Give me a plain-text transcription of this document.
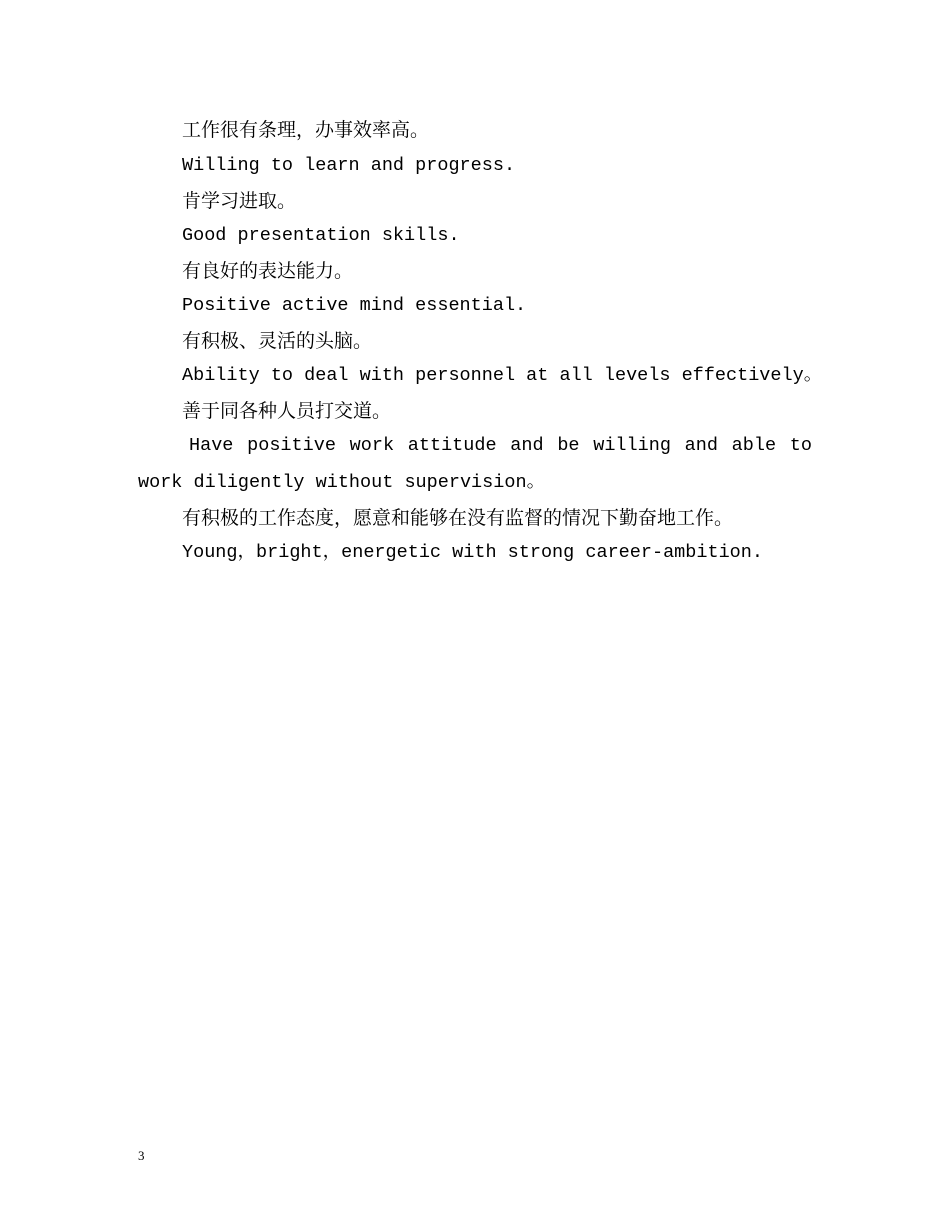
工作很有条理，办事效率高。
Willing to learn and progress.
肯学习进取。
Good presentation skills.
有良好的表达能力。
Positive active mind essential.
有积极、灵活的头脑。
Ability to deal with personnel at all levels effectively。
善于同各种人员打交道。
Have positive work attitude and be willing and able to
work diligently without supervision。
有积极的工作态度，愿意和能够在没有监督的情况下勤奋地工作。
Young，bright，energetic with strong career-ambition.
3
